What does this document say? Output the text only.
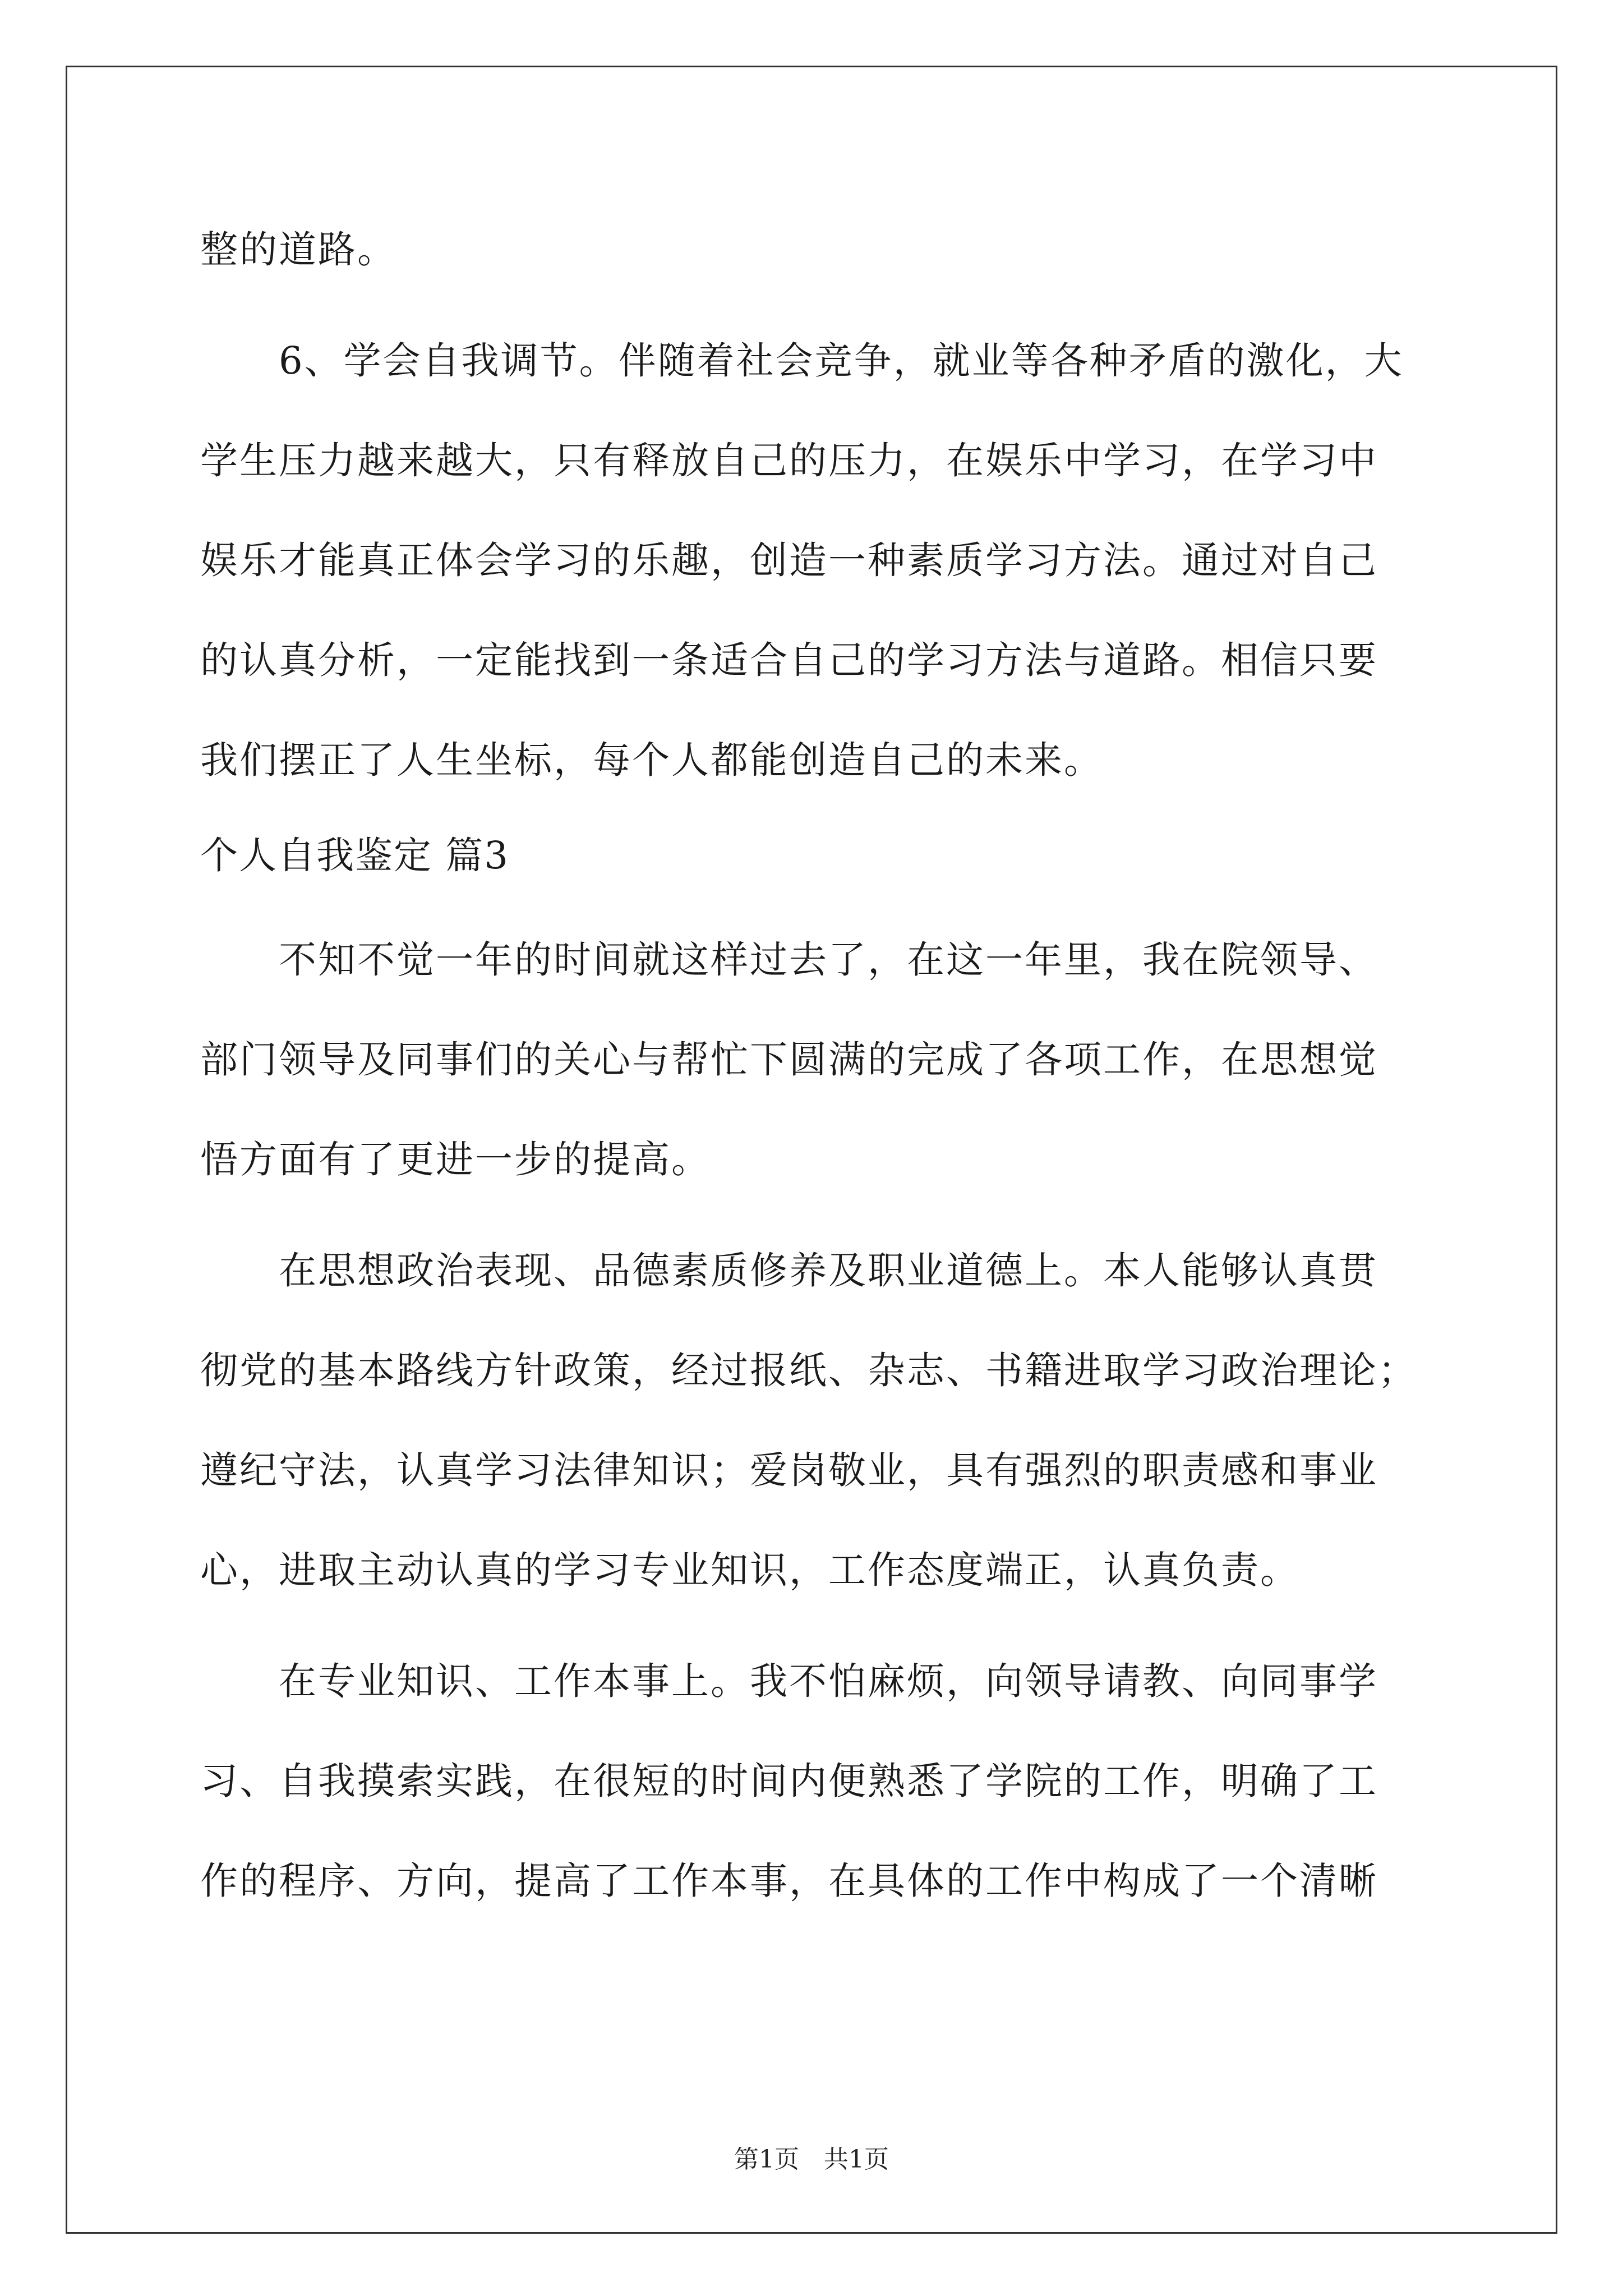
整的道路。
6、学会自我调节。伴随着社会竞争，就业等各种矛盾的激化，大
学生压力越来越大，只有释放自己的压力，在娱乐中学习，在学习中
娱乐才能真正体会学习的乐趣，创造一种素质学习方法。通过对自己
的认真分析，一定能找到一条适合自己的学习方法与道路。相信只要
我们摆正了人生坐标，每个人都能创造自己的未来。
个人自我鉴定 篇3
不知不觉一年的时间就这样过去了，在这一年里，我在院领导、
部门领导及同事们的关心与帮忙下圆满的完成了各项工作，在思想觉
悟方面有了更进一步的提高。
在思想政治表现、品德素质修养及职业道德上。本人能够认真贯
彻党的基本路线方针政策，经过报纸、杂志、书籍进取学习政治理论；
遵纪守法，认真学习法律知识；爱岗敬业，具有强烈的职责感和事业
心，进取主动认真的学习专业知识，工作态度端正，认真负责。
在专业知识、工作本事上。我不怕麻烦，向领导请教、向同事学
习、自我摸索实践，在很短的时间内便熟悉了学院的工作，明确了工
作的程序、方向，提高了工作本事，在具体的工作中构成了一个清晰
第1页　共1页
